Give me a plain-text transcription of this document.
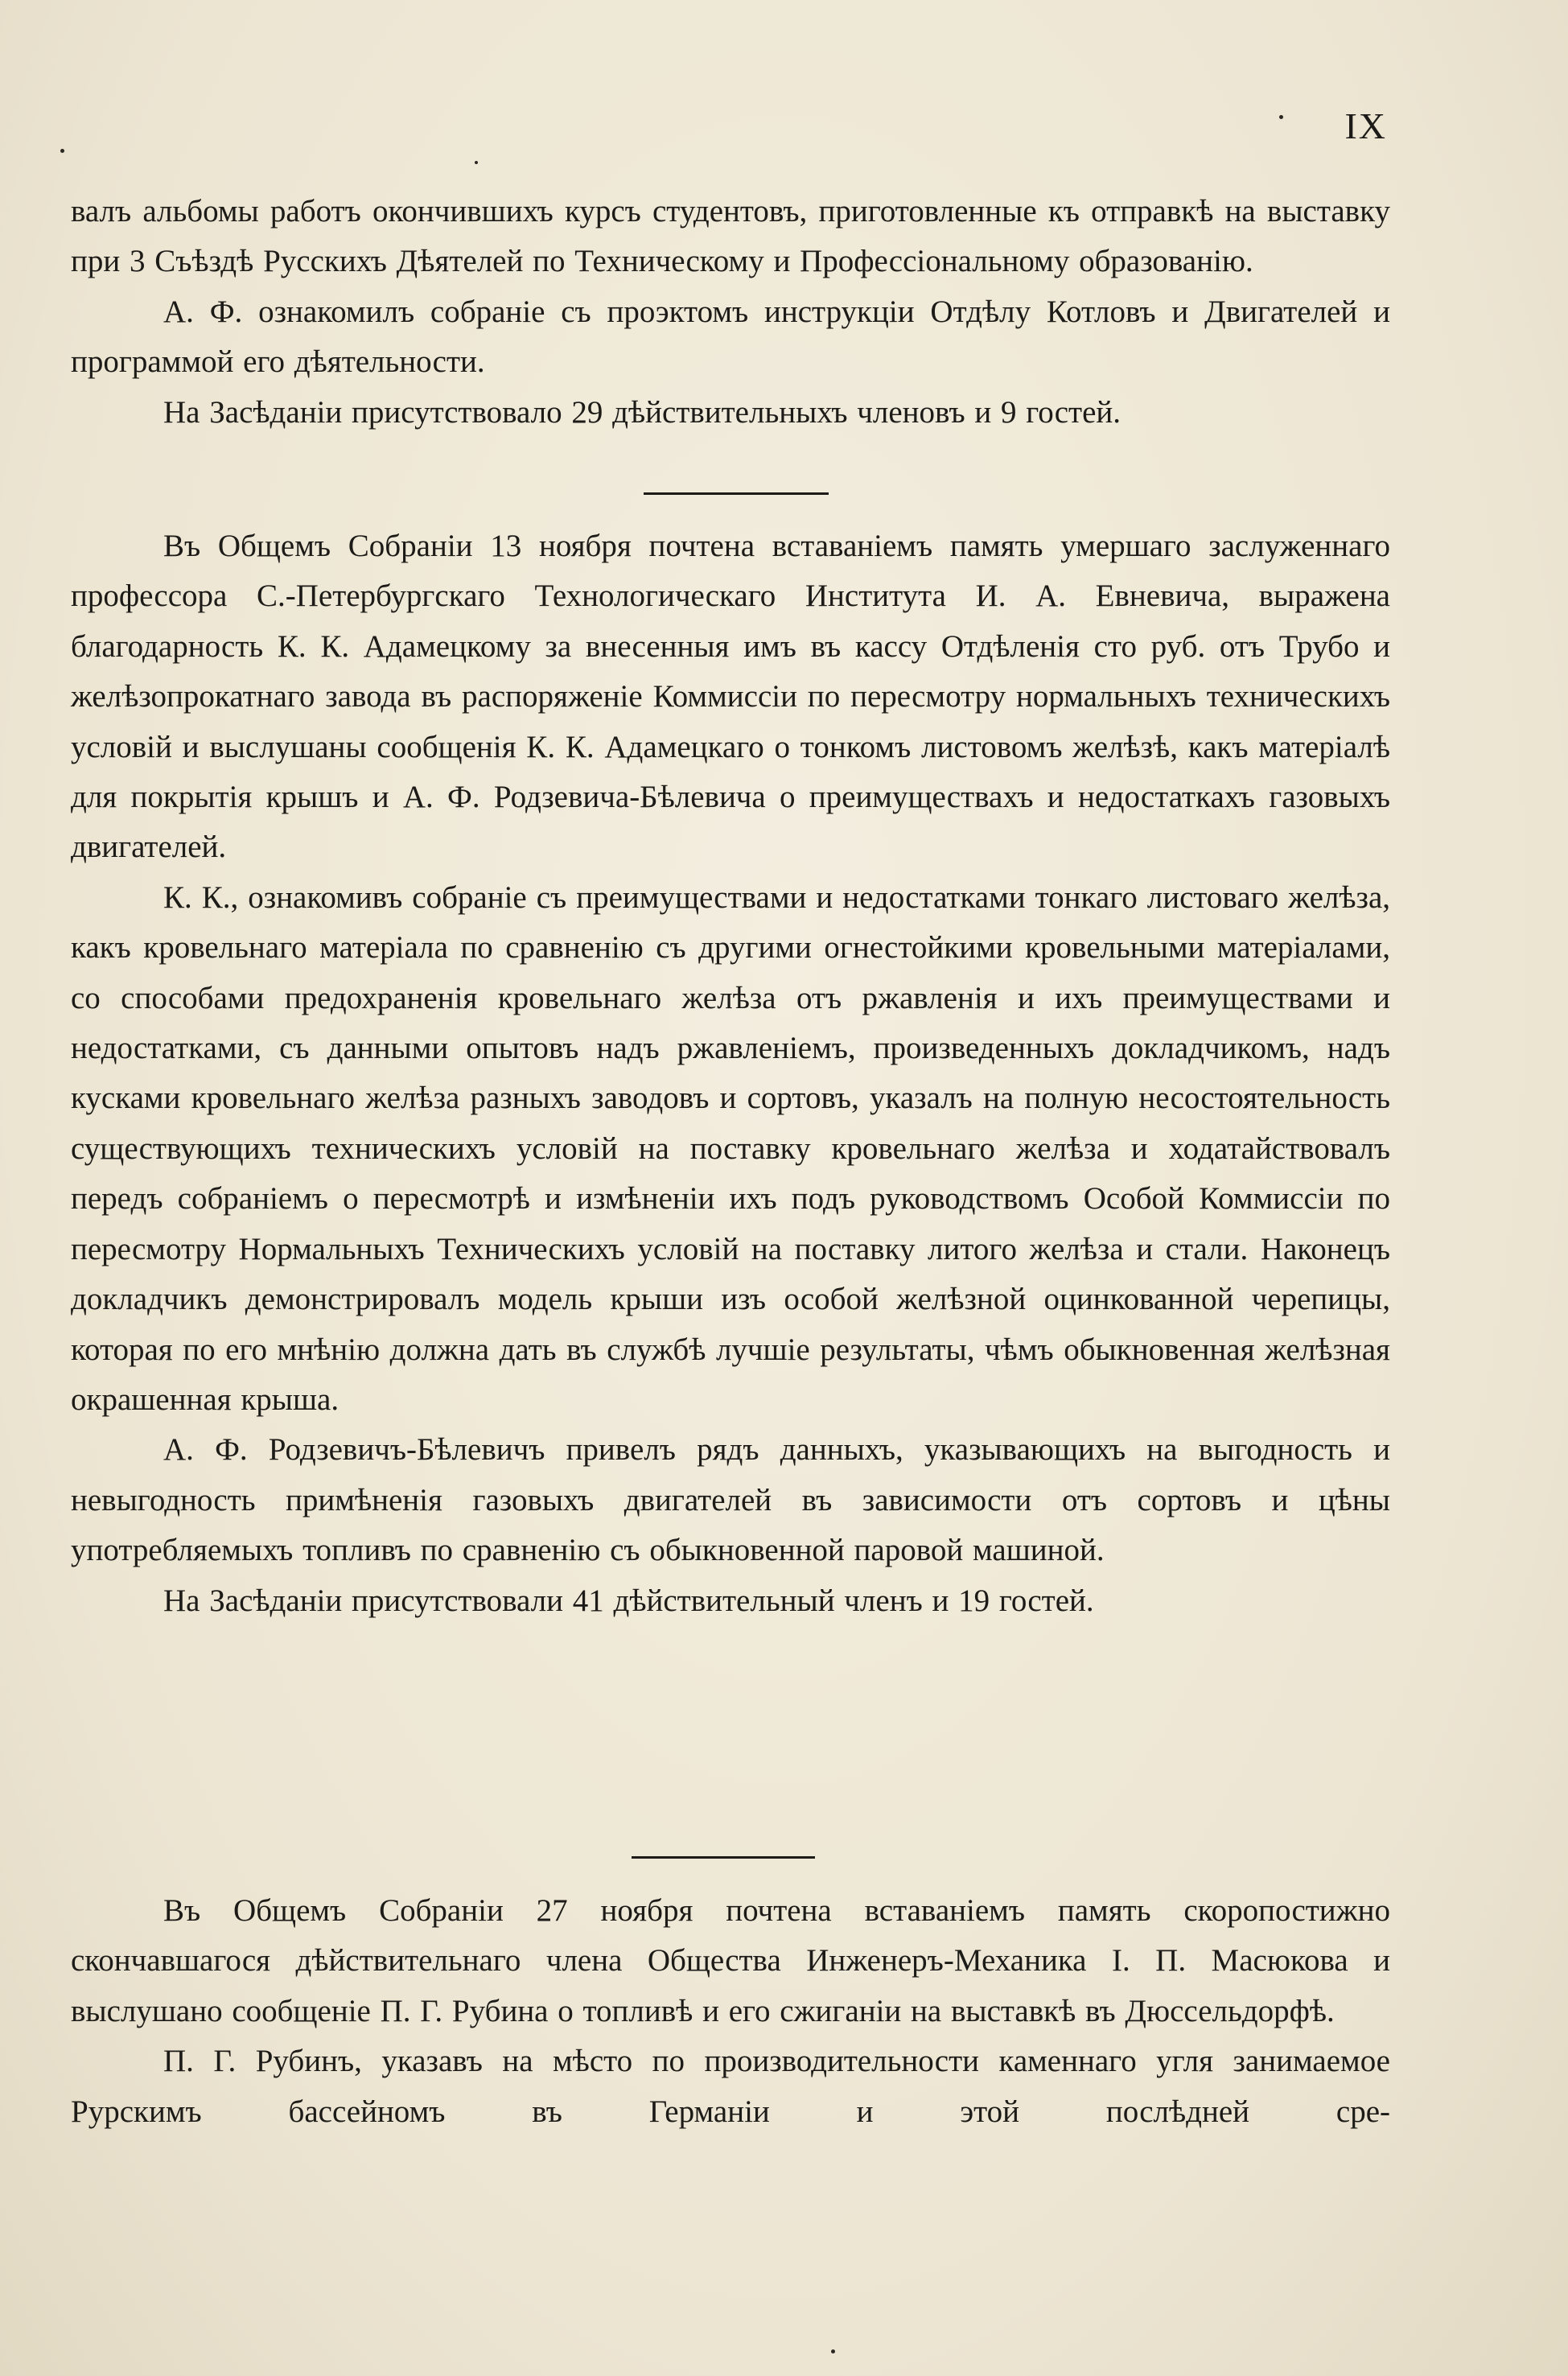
IX

валъ альбомы работъ окончившихъ курсъ студентовъ, приготовленные къ отправкѣ на выставку при 3 Съѣздѣ Русскихъ Дѣятелей по Техническому и Профессіональному образованію.

А. Ф. ознакомилъ собраніе съ проэктомъ инструкціи Отдѣлу Котловъ и Двигателей и программой его дѣятельности.

На Засѣданіи присутствовало 29 дѣйствительныхъ членовъ и 9 гостей.

Въ Общемъ Собраніи 13 ноября почтена вставаніемъ память умершаго заслуженнаго профессора С.-Петербургскаго Технологическаго Института И. А. Евневича, выражена благодарность К. К. Адамецкому за внесенныя имъ въ кассу Отдѣленія сто руб. отъ Трубо и желѣзопрокатнаго завода въ распоряженіе Коммиссіи по пересмотру нормальныхъ техническихъ условій и выслушаны сообщенія К. К. Адамецкаго о тонкомъ листовомъ желѣзѣ, какъ матеріалѣ для покрытія крышъ и А. Ф. Родзевича-Бѣлевича о преимуществахъ и недостаткахъ газовыхъ двигателей.

К. К., ознакомивъ собраніе съ преимуществами и недостатками тонкаго листоваго желѣза, какъ кровельнаго матеріала по сравненію съ другими огнестойкими кровельными матеріалами, со способами предохраненія кровельнаго желѣза отъ ржавленія и ихъ преимуществами и недостатками, съ данными опытовъ надъ ржавленіемъ, произведенныхъ докладчикомъ, надъ кусками кровельнаго желѣза разныхъ заводовъ и сортовъ, указалъ на полную несостоятельность существующихъ техническихъ условій на поставку кровельнаго желѣза и ходатайствовалъ передъ собраніемъ о пересмотрѣ и измѣненіи ихъ подъ руководствомъ Особой Коммиссіи по пересмотру Нормальныхъ Техническихъ условій на поставку литого желѣза и стали. Наконецъ докладчикъ демонстрировалъ модель крыши изъ особой желѣзной оцинкованной черепицы, которая по его мнѣнію должна дать въ службѣ лучшіе результаты, чѣмъ обыкновенная желѣзная окрашенная крыша.

А. Ф. Родзевичъ-Бѣлевичъ привелъ рядъ данныхъ, указывающихъ на выгодность и невыгодность примѣненія газовыхъ двигателей въ зависимости отъ сортовъ и цѣны употребляемыхъ топливъ по сравненію съ обыкновенной паровой машиной.

На Засѣданіи присутствовали 41 дѣйствительный членъ и 19 гостей.

Въ Общемъ Собраніи 27 ноября почтена вставаніемъ память скоропостижно скончавшагося дѣйствительнаго члена Общества Инженеръ-Механика І. П. Масюкова и выслушано сообщеніе П. Г. Рубина о топливѣ и его сжиганіи на выставкѣ въ Дюссельдорфѣ.

П. Г. Рубинъ, указавъ на мѣсто по производительности каменнаго угля занимаемое Рурскимъ бассейномъ въ Германіи и этой послѣдней сре-
